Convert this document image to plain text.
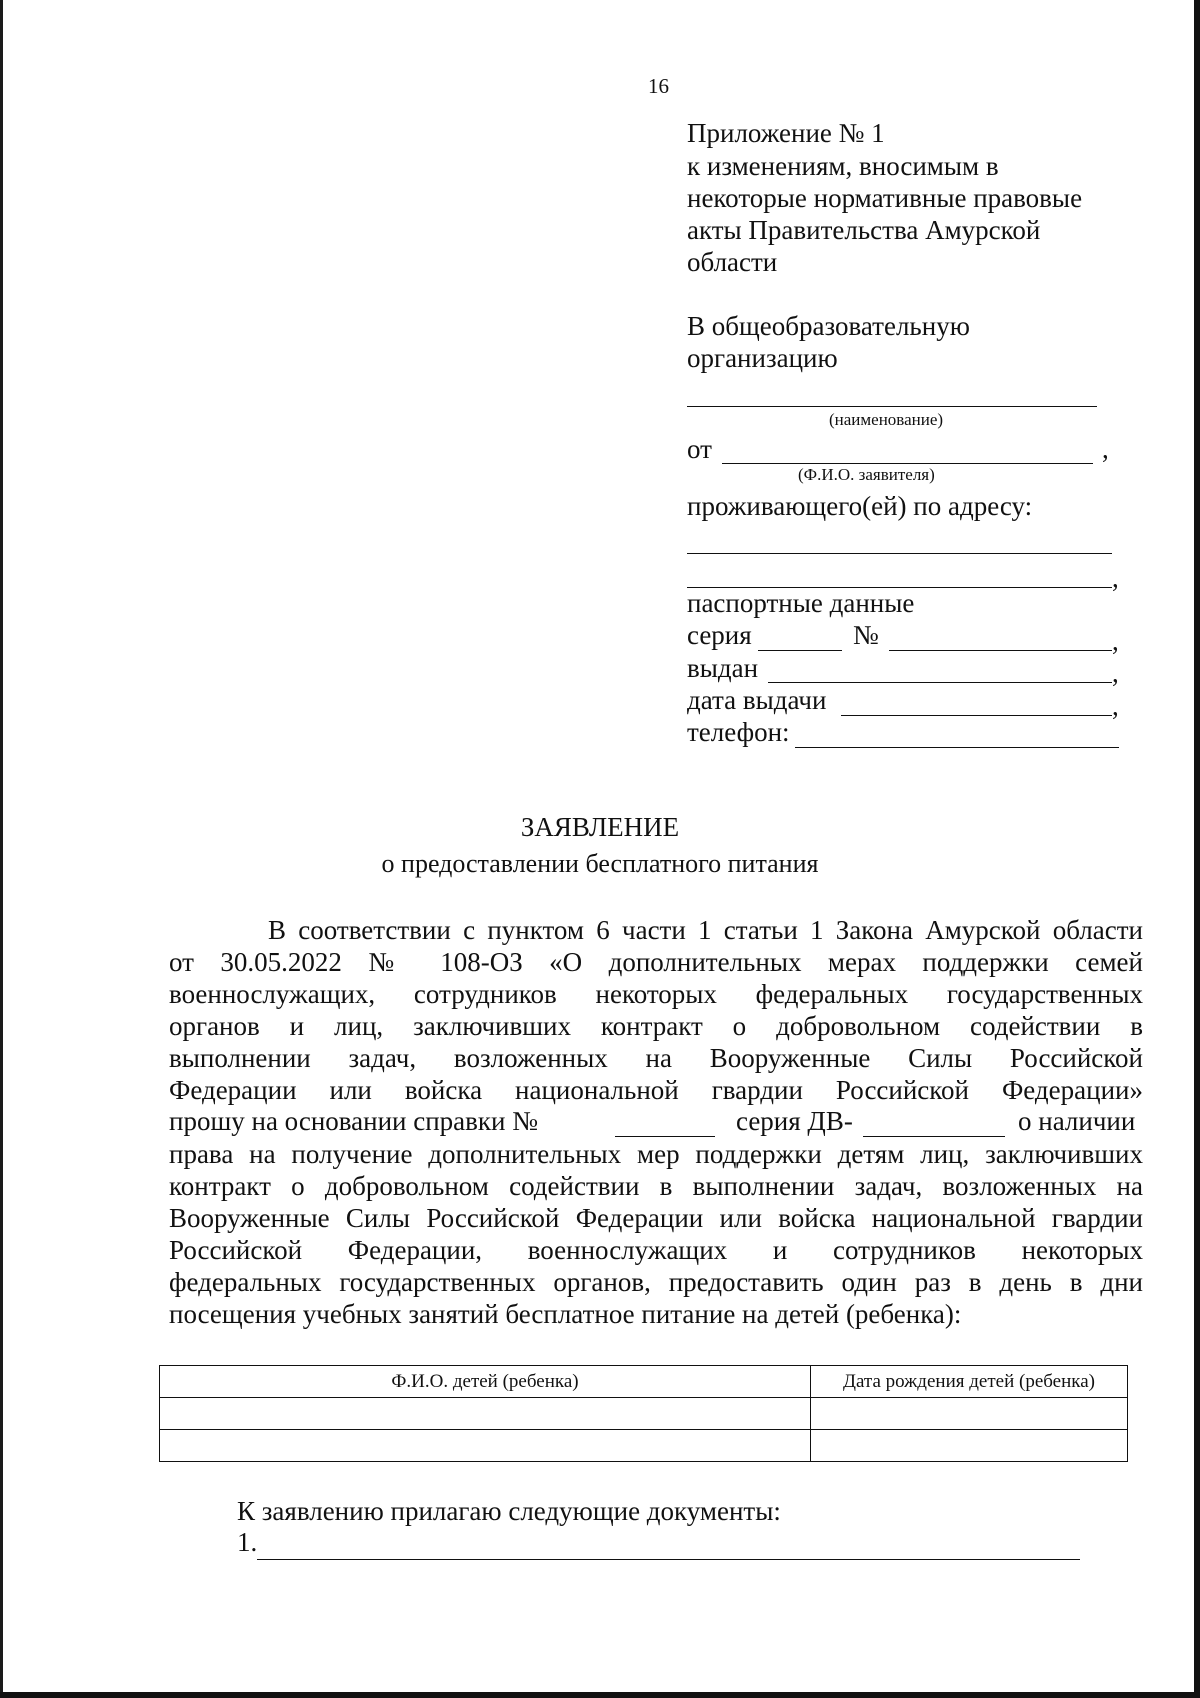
16
Приложение № 1
к изменениям, вносимым в
некоторые нормативные правовые
акты Правительства Амурской
области
В общеобразовательную
организацию
(наименование)
от	,
(Ф.И.О. заявителя)
проживающего(ей) по адресу:
,
паспортные данные
серия	№	,
выдан	,
дата выдачи	,
телефон:
ЗАЯВЛЕНИЕ
о предоставлении бесплатного питания
В соответствии с пунктом 6 части 1 статьи 1 Закона Амурской области
от 30.05.2022 № 108-ОЗ «О дополнительных мерах поддержки семей
военнослужащих, сотрудников некоторых федеральных государственных
органов и лиц, заключивших контракт о добровольном содействии в
выполнении задач, возложенных на Вооруженные Силы Российской
Федерации или войска национальной гвардии Российской Федерации»
прошу на основании справки №	серия ДВ-	о наличии
права на получение дополнительных мер поддержки детям лиц, заключивших
контракт о добровольном содействии в выполнении задач, возложенных на
Вооруженные Силы Российской Федерации или войска национальной гвардии
Российской Федерации, военнослужащих и сотрудников некоторых
федеральных государственных органов, предоставить один раз в день в дни
посещения учебных занятий бесплатное питание на детей (ребенка):
Ф.И.О. детей (ребенка)	Дата рождения детей (ребенка)

К заявлению прилагаю следующие документы:
1.
